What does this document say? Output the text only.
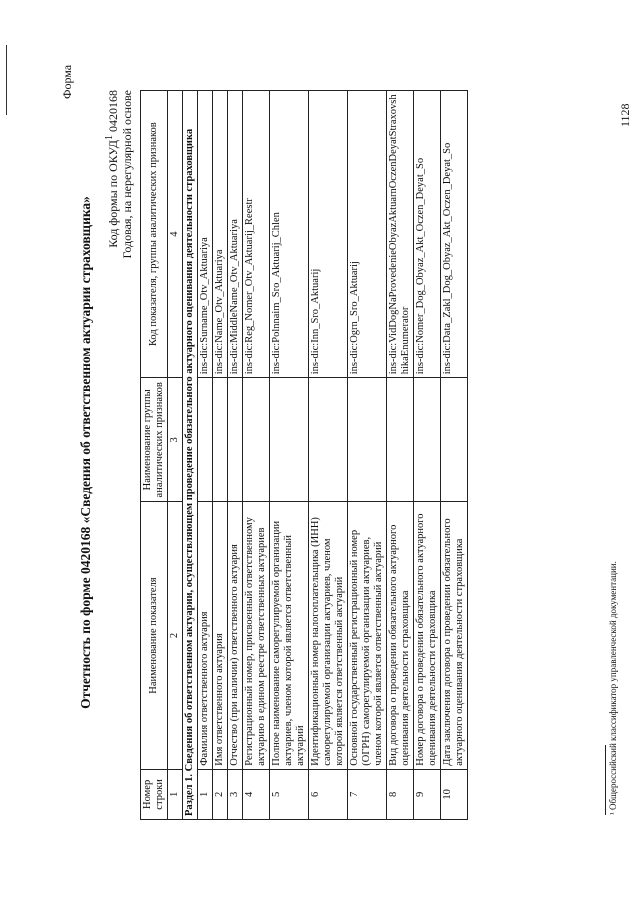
Форма
Отчетность по форме 0420168 «Сведения об ответственном актуарии страховщика»
Код формы по ОКУД$^1$ 0420168 Годовая, на нерегулярной основе
Номер строки	Наименование показателя	Наименование группы аналитических признаков	Код показателя, группы аналитических признаков
1	2	3	4
Раздел 1. Сведения об ответственном актуарии, осуществляющем проведение обязательного актуарного оценивания деятельности страховщика			
1	Фамилия ответственного актуария		ins-dic:Surname_Otv_Aktuariya
2	Имя ответственного актуария		ins-dic:Name_Otv_Aktuariya
3	Отчество (при наличии) ответственного актуария		ins-dic:MiddleName_Otv_Aktuariya
4	Регистрационный номер, присвоенный ответственному актуарию в едином реестре ответственных актуариев		ins-dic:Reg_Nomer_Otv_Aktuarij_Reestr
5	Полное наименование саморегулируемой организации актуариев, членом которой является ответственный актуарий		ins-dic:Polnnaim_Sro_Aktuarij_Chlen
6	Идентификационный номер налогоплательщика (ИНН) саморегулируемой организации актуариев, членом которой является ответственный актуарий		ins-dic:Inn_Sro_Aktuarij
7	Основной государственный регистрационный номер (ОГРН) саморегулируемой организации актуариев, членом которой является ответственный актуарий		ins-dic:Ogrn_Sro_Aktuarij
8	Вид договора о проведении обязательного актуарного оценивания деятельности страховщика		ins-dic:VidDogNaProvedenieObyazAktuarnOczenDeyatStraxovshhikaEnumerator
9	Номер договора о проведении обязательного актуарного оценивания деятельности страховщика		ins-dic:Nomer_Dog_Obyaz_Akt_Oczen_Deyat_So
10	Дата заключения договора о проведении обязательного актуарного оценивания деятельности страховщика		ins-dic:Data_Zakl_Dog_Obyaz_Akt_Oczen_Deyat_So
¹ Общероссийский классификатор управленческой документации.
1128
